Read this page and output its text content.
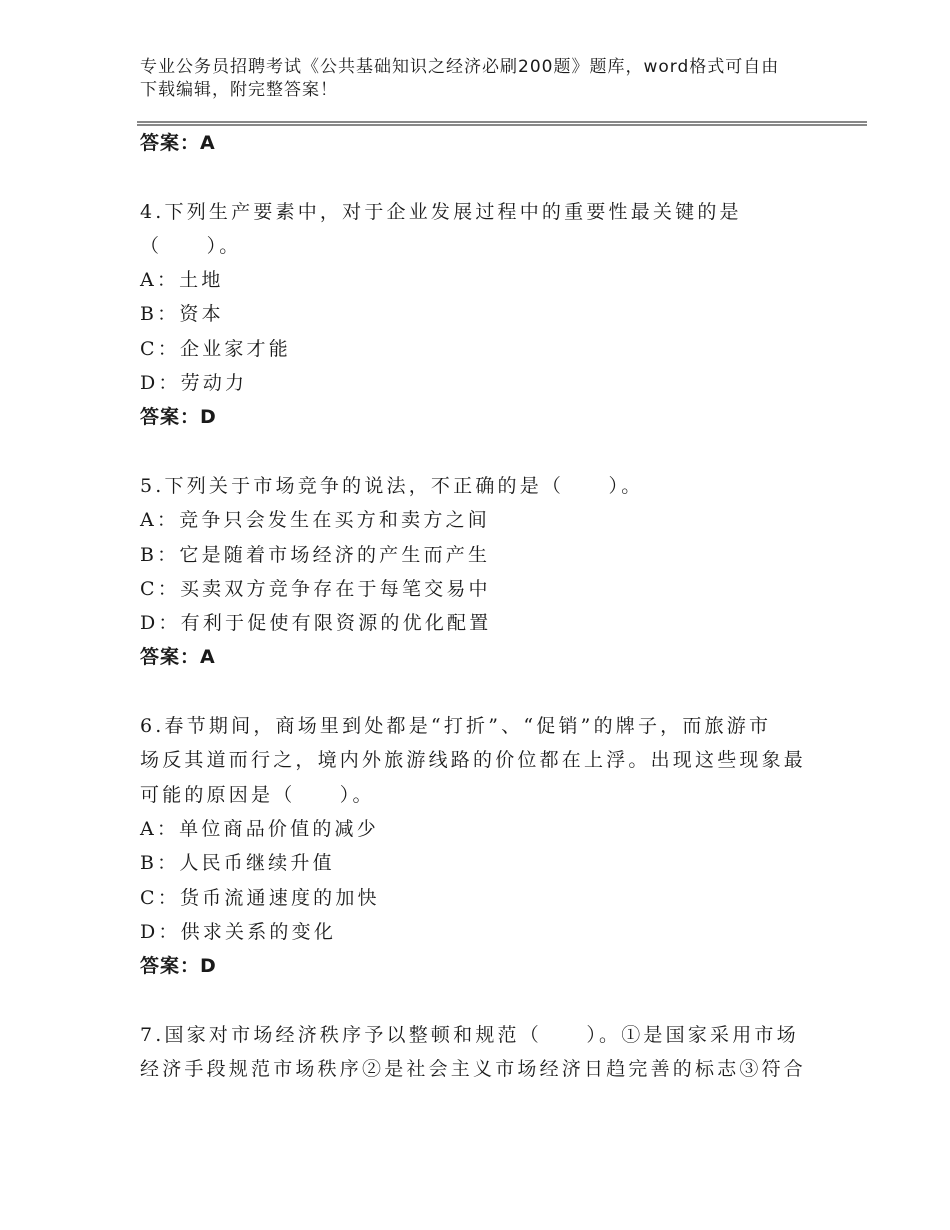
专业公务员招聘考试《公共基础知识之经济必刷200题》题库，word格式可自由
下载编辑，附完整答案！
答案：A
4.下列生产要素中，对于企业发展过程中的重要性最关键的是
（　　）。
A：土地
B：资本
C：企业家才能
D：劳动力
答案：D
5.下列关于市场竞争的说法，不正确的是（　　）。
A：竞争只会发生在买方和卖方之间
B：它是随着市场经济的产生而产生
C：买卖双方竞争存在于每笔交易中
D：有利于促使有限资源的优化配置
答案：A
6.春节期间，商场里到处都是“打折”、“促销”的牌子，而旅游市
场反其道而行之，境内外旅游线路的价位都在上浮。出现这些现象最
可能的原因是（　　）。
A：单位商品价值的减少
B：人民币继续升值
C：货币流通速度的加快
D：供求关系的变化
答案：D
7.国家对市场经济秩序予以整顿和规范（　　）。①是国家采用市场
经济手段规范市场秩序②是社会主义市场经济日趋完善的标志③符合
